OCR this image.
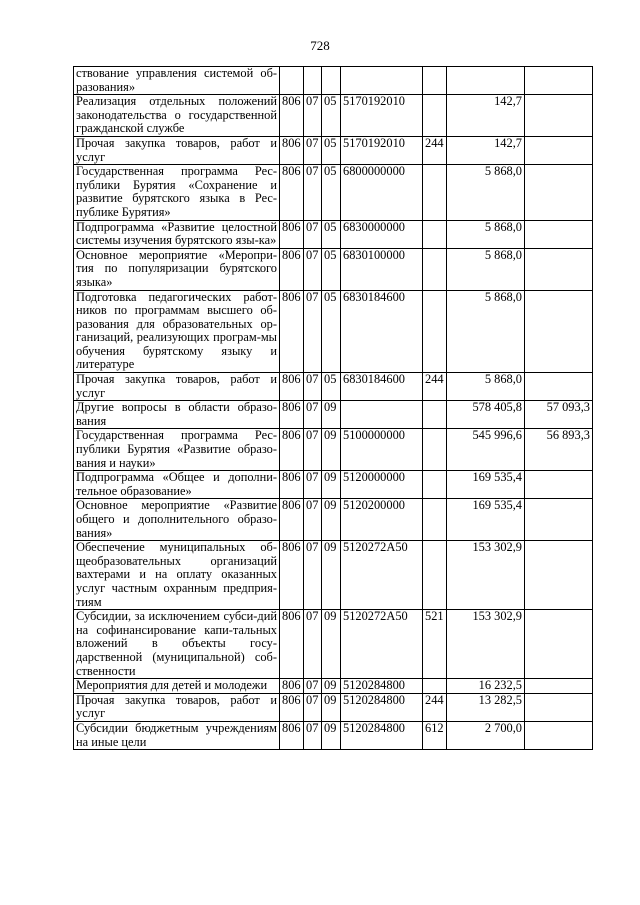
728
ствование управления системой об-разования»							
Реализация отдельных положений законодательства о государственной гражданской службе	806	07	05	5170192010		142,7	
Прочая закупка товаров, работ и услуг	806	07	05	5170192010	244	142,7	
Государственная программа Рес-публики Бурятия «Сохранение и развитие бурятского языка в Рес-публике Бурятия»	806	07	05	6800000000		5 868,0	
Подпрограмма «Развитие целостной системы изучения бурятского язы-ка»	806	07	05	6830000000		5 868,0	
Основное мероприятие «Меропри-тия по популяризации бурятского языка»	806	07	05	6830100000		5 868,0	
Подготовка педагогических работ-ников по программам высшего об-разования для образовательных ор-ганизаций, реализующих програм-мы обучения бурятскому языку и литературе	806	07	05	6830184600		5 868,0	
Прочая закупка товаров, работ и услуг	806	07	05	6830184600	244	5 868,0	
Другие вопросы в области образо-вания	806	07	09			578 405,8	57 093,3
Государственная программа Рес-публики Бурятия «Развитие образо-вания и науки»	806	07	09	5100000000		545 996,6	56 893,3
Подпрограмма «Общее и дополни-тельное образование»	806	07	09	5120000000		169 535,4	
Основное мероприятие «Развитие общего и дополнительного образо-вания»	806	07	09	5120200000		169 535,4	
Обеспечение муниципальных об-щеобразовательных организаций вахтерами и на оплату оказанных услуг частным охранным предприя-тиям	806	07	09	5120272А50		153 302,9	
Субсидии, за исключением субси-дий на софинансирование капи-тальных вложений в объекты госу-дарственной (муниципальной) соб-ственности	806	07	09	5120272А50	521	153 302,9	
Мероприятия для детей и молодежи	806	07	09	5120284800		16 232,5	
Прочая закупка товаров, работ и услуг	806	07	09	5120284800	244	13 282,5	
Субсидии бюджетным учреждениям на иные цели	806	07	09	5120284800	612	2 700,0	
